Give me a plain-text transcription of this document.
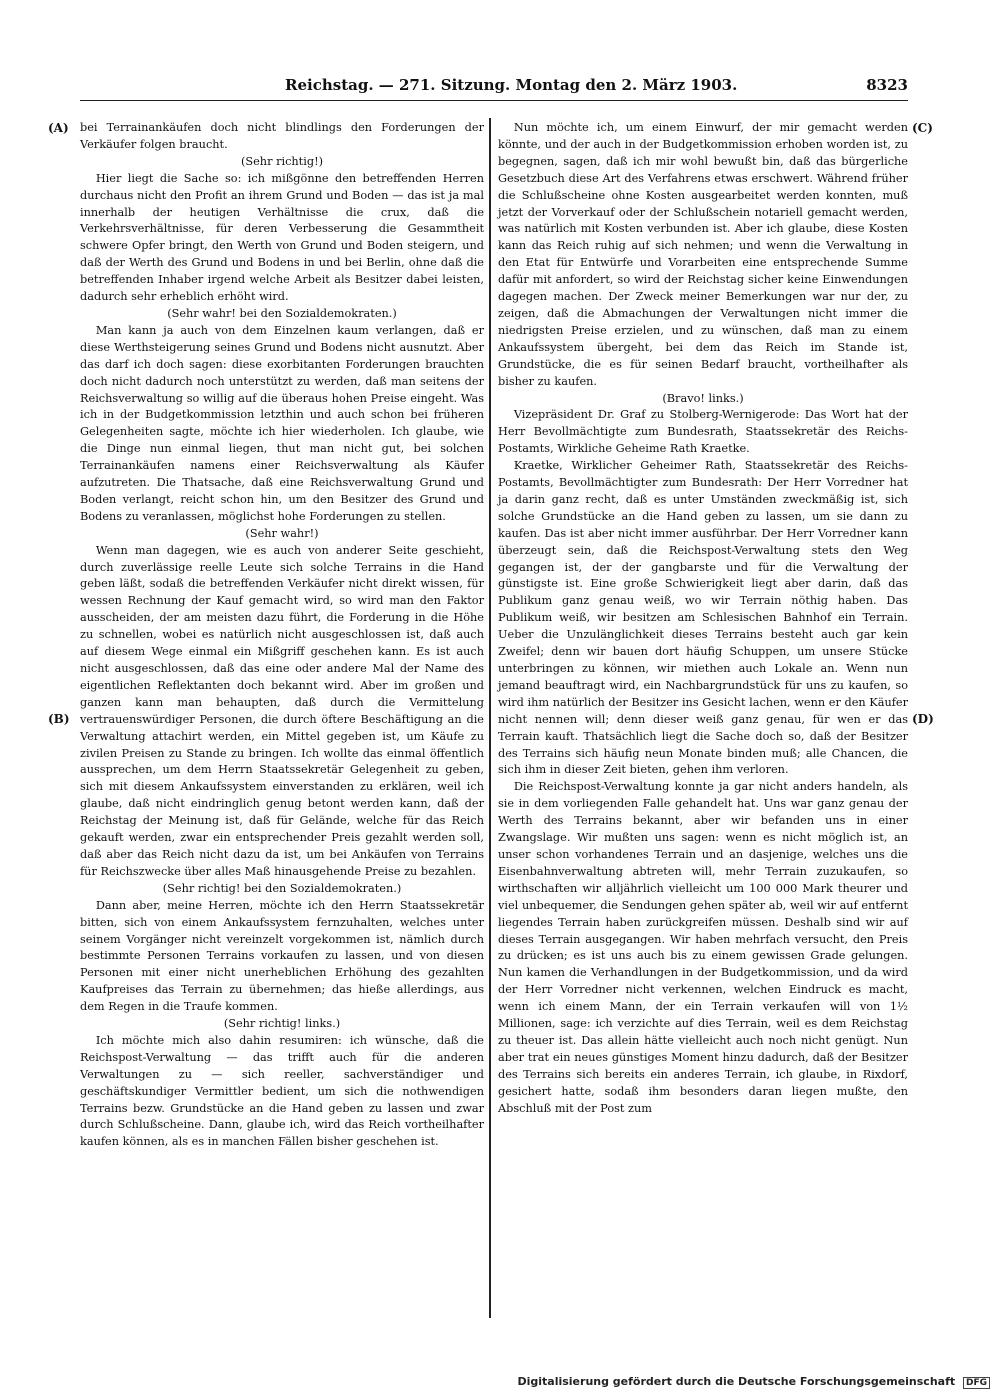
Reichstag. — 271. Sitzung. Montag den 2. März 1903.	8323
(A)
(B)
(C)
(D)

bei Terrainankäufen doch nicht blindlings den Forderungen der Verkäufer folgen braucht.

(Sehr richtig!)

Hier liegt die Sache so: ich mißgönne den betreffenden Herren durchaus nicht den Profit an ihrem Grund und Boden — das ist ja mal innerhalb der heutigen Verhältnisse die crux, daß die Verkehrsverhältnisse, für deren Verbesserung die Gesammtheit schwere Opfer bringt, den Werth von Grund und Boden steigern, und daß der Werth des Grund und Bodens in und bei Berlin, ohne daß die betreffenden Inhaber irgend welche Arbeit als Besitzer dabei leisten, dadurch sehr erheblich erhöht wird.

(Sehr wahr! bei den Sozialdemokraten.)

Man kann ja auch von dem Einzelnen kaum verlangen, daß er diese Werthsteigerung seines Grund und Bodens nicht ausnutzt. Aber das darf ich doch sagen: diese exorbitanten Forderungen brauchten doch nicht dadurch noch unterstützt zu werden, daß man seitens der Reichsverwaltung so willig auf die überaus hohen Preise eingeht. Was ich in der Budgetkommission letzthin und auch schon bei früheren Gelegenheiten sagte, möchte ich hier wiederholen. Ich glaube, wie die Dinge nun einmal liegen, thut man nicht gut, bei solchen Terrainankäufen namens einer Reichsverwaltung als Käufer aufzutreten. Die Thatsache, daß eine Reichsverwaltung Grund und Boden verlangt, reicht schon hin, um den Besitzer des Grund und Bodens zu veranlassen, möglichst hohe Forderungen zu stellen.

(Sehr wahr!)

Wenn man dagegen, wie es auch von anderer Seite geschieht, durch zuverlässige reelle Leute sich solche Terrains in die Hand geben läßt, sodaß die betreffenden Verkäufer nicht direkt wissen, für wessen Rechnung der Kauf gemacht wird, so wird man den Faktor ausscheiden, der am meisten dazu führt, die Forderung in die Höhe zu schnellen, wobei es natürlich nicht ausgeschlossen ist, daß auch auf diesem Wege einmal ein Mißgriff geschehen kann. Es ist auch nicht ausgeschlossen, daß das eine oder andere Mal der Name des eigentlichen Reflektanten doch bekannt wird. Aber im großen und ganzen kann man behaupten, daß durch die Vermittelung vertrauenswürdiger Personen, die durch öftere Beschäftigung an die Verwaltung attachirt werden, ein Mittel gegeben ist, um Käufe zu zivilen Preisen zu Stande zu bringen. Ich wollte das einmal öffentlich aussprechen, um dem Herrn Staatssekretär Gelegenheit zu geben, sich mit diesem Ankaufssystem einverstanden zu erklären, weil ich glaube, daß nicht eindringlich genug betont werden kann, daß der Reichstag der Meinung ist, daß für Gelände, welche für das Reich gekauft werden, zwar ein entsprechender Preis gezahlt werden soll, daß aber das Reich nicht dazu da ist, um bei Ankäufen von Terrains für Reichszwecke über alles Maß hinausgehende Preise zu bezahlen.

(Sehr richtig! bei den Sozialdemokraten.)

Dann aber, meine Herren, möchte ich den Herrn Staatssekretär bitten, sich von einem Ankaufssystem fernzuhalten, welches unter seinem Vorgänger nicht vereinzelt vorgekommen ist, nämlich durch bestimmte Personen Terrains vorkaufen zu lassen, und von diesen Personen mit einer nicht unerheblichen Erhöhung des gezahlten Kaufpreises das Terrain zu übernehmen; das hieße allerdings, aus dem Regen in die Traufe kommen.

(Sehr richtig! links.)

Ich möchte mich also dahin resumiren: ich wünsche, daß die Reichspost-Verwaltung — das trifft auch für die anderen Verwaltungen zu — sich reeller, sachverständiger und geschäftskundiger Vermittler bedient, um sich die nothwendigen Terrains bezw. Grundstücke an die Hand geben zu lassen und zwar durch Schlußscheine. Dann, glaube ich, wird das Reich vortheilhafter kaufen können, als es in manchen Fällen bisher geschehen ist.

Nun möchte ich, um einem Einwurf, der mir gemacht werden könnte, und der auch in der Budgetkommission erhoben worden ist, zu begegnen, sagen, daß ich mir wohl bewußt bin, daß das bürgerliche Gesetzbuch diese Art des Verfahrens etwas erschwert. Während früher die Schlußscheine ohne Kosten ausgearbeitet werden konnten, muß jetzt der Vorverkauf oder der Schlußschein notariell gemacht werden, was natürlich mit Kosten verbunden ist. Aber ich glaube, diese Kosten kann das Reich ruhig auf sich nehmen; und wenn die Verwaltung in den Etat für Entwürfe und Vorarbeiten eine entsprechende Summe dafür mit anfordert, so wird der Reichstag sicher keine Einwendungen dagegen machen. Der Zweck meiner Bemerkungen war nur der, zu zeigen, daß die Abmachungen der Verwaltungen nicht immer die niedrigsten Preise erzielen, und zu wünschen, daß man zu einem Ankaufssystem übergeht, bei dem das Reich im Stande ist, Grundstücke, die es für seinen Bedarf braucht, vortheilhafter als bisher zu kaufen.

(Bravo! links.)

Vizepräsident Dr. Graf zu Stolberg-Wernigerode: Das Wort hat der Herr Bevollmächtigte zum Bundesrath, Staatssekretär des Reichs-Postamts, Wirkliche Geheime Rath Kraetke.

Kraetke, Wirklicher Geheimer Rath, Staatssekretär des Reichs-Postamts, Bevollmächtigter zum Bundesrath: Der Herr Vorredner hat ja darin ganz recht, daß es unter Umständen zweckmäßig ist, sich solche Grundstücke an die Hand geben zu lassen, um sie dann zu kaufen. Das ist aber nicht immer ausführbar. Der Herr Vorredner kann überzeugt sein, daß die Reichspost-Verwaltung stets den Weg gegangen ist, der der gangbarste und für die Verwaltung der günstigste ist. Eine große Schwierigkeit liegt aber darin, daß das Publikum ganz genau weiß, wo wir Terrain nöthig haben. Das Publikum weiß, wir besitzen am Schlesischen Bahnhof ein Terrain. Ueber die Unzulänglichkeit dieses Terrains besteht auch gar kein Zweifel; denn wir bauen dort häufig Schuppen, um unsere Stücke unterbringen zu können, wir miethen auch Lokale an. Wenn nun jemand beauftragt wird, ein Nachbargrundstück für uns zu kaufen, so wird ihm natürlich der Besitzer ins Gesicht lachen, wenn er den Käufer nicht nennen will; denn dieser weiß ganz genau, für wen er das Terrain kauft. Thatsächlich liegt die Sache doch so, daß der Besitzer des Terrains sich häufig neun Monate binden muß; alle Chancen, die sich ihm in dieser Zeit bieten, gehen ihm verloren.

Die Reichspost-Verwaltung konnte ja gar nicht anders handeln, als sie in dem vorliegenden Falle gehandelt hat. Uns war ganz genau der Werth des Terrains bekannt, aber wir befanden uns in einer Zwangslage. Wir mußten uns sagen: wenn es nicht möglich ist, an unser schon vorhandenes Terrain und an dasjenige, welches uns die Eisenbahnverwaltung abtreten will, mehr Terrain zuzukaufen, so wirthschaften wir alljährlich vielleicht um 100 000 Mark theurer und viel unbequemer, die Sendungen gehen später ab, weil wir auf entfernt liegendes Terrain haben zurückgreifen müssen. Deshalb sind wir auf dieses Terrain ausgegangen. Wir haben mehrfach versucht, den Preis zu drücken; es ist uns auch bis zu einem gewissen Grade gelungen. Nun kamen die Verhandlungen in der Budgetkommission, und da wird der Herr Vorredner nicht verkennen, welchen Eindruck es macht, wenn ich einem Mann, der ein Terrain verkaufen will von 1½ Millionen, sage: ich verzichte auf dies Terrain, weil es dem Reichstag zu theuer ist. Das allein hätte vielleicht auch noch nicht genügt. Nun aber trat ein neues günstiges Moment hinzu dadurch, daß der Besitzer des Terrains sich bereits ein anderes Terrain, ich glaube, in Rixdorf, gesichert hatte, sodaß ihm besonders daran liegen mußte, den Abschluß mit der Post zum

Digitalisierung gefördert durch die Deutsche Forschungsgemeinschaft DFG
